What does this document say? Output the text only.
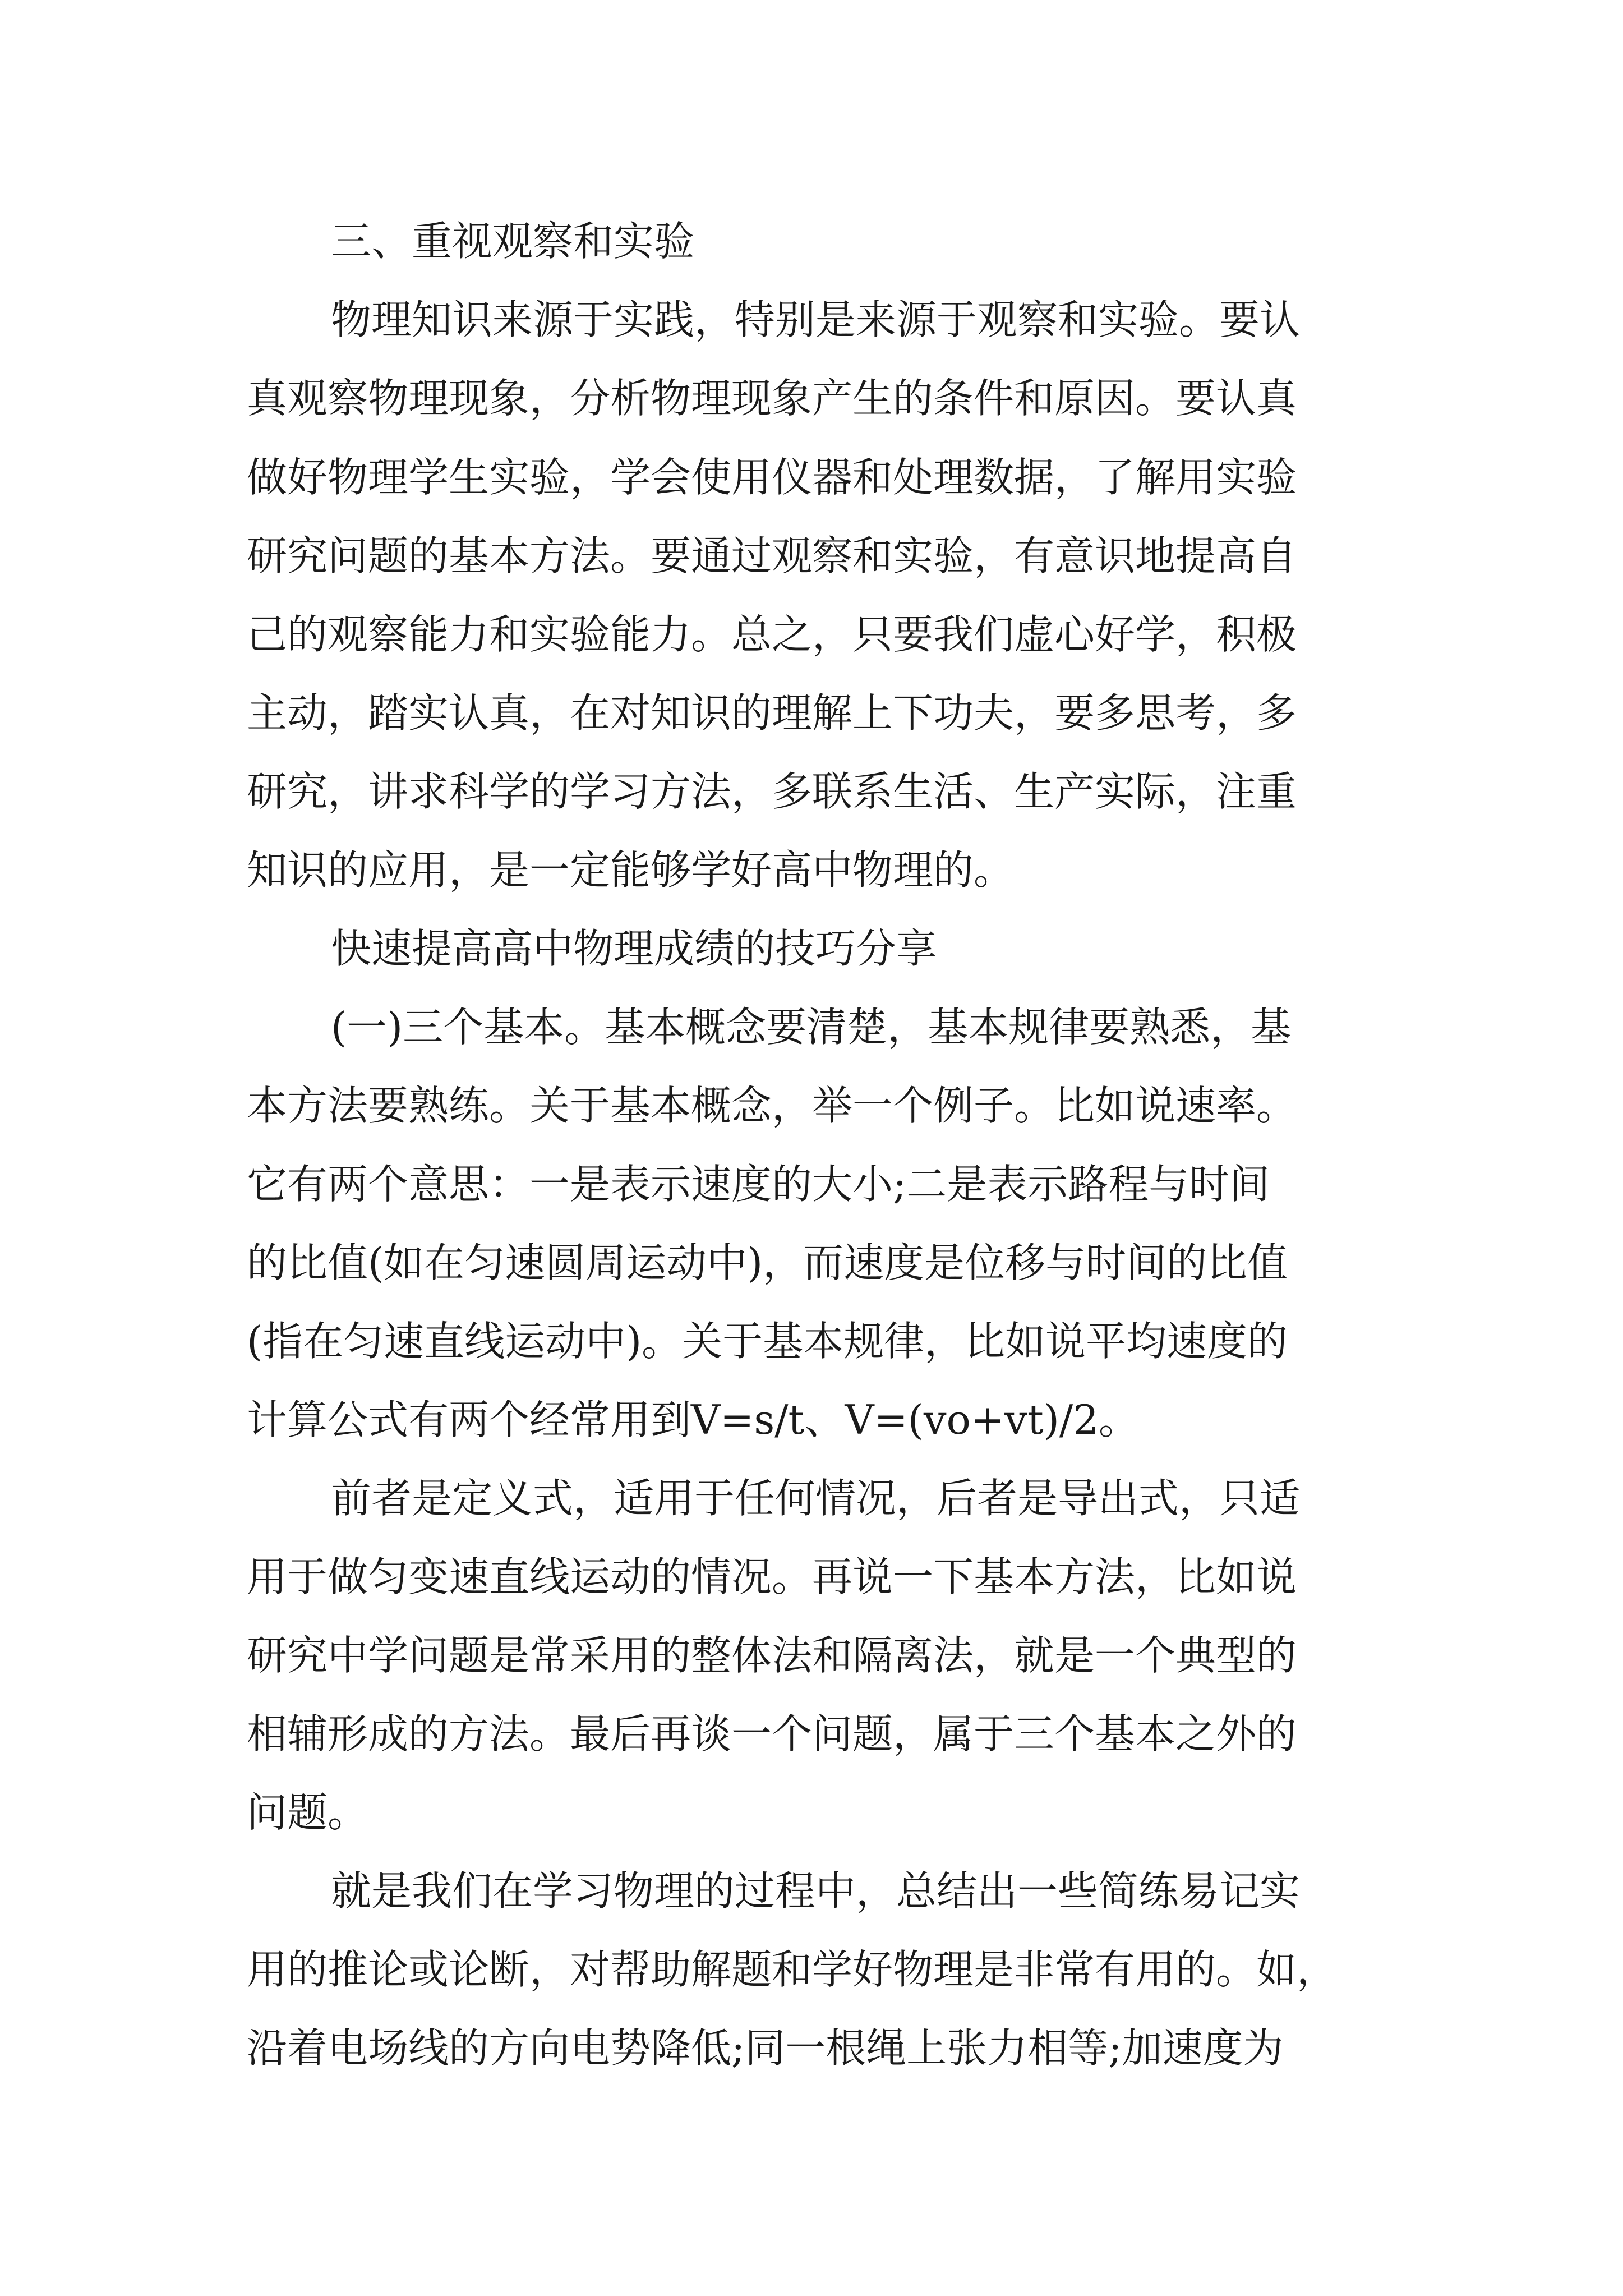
三、重视观察和实验

物理知识来源于实践，特别是来源于观察和实验。要认

真观察物理现象，分析物理现象产生的条件和原因。要认真

做好物理学生实验，学会使用仪器和处理数据，了解用实验

研究问题的基本方法。要通过观察和实验，有意识地提高自

己的观察能力和实验能力。总之，只要我们虚心好学，积极

主动，踏实认真，在对知识的理解上下功夫，要多思考，多

研究，讲求科学的学习方法，多联系生活、生产实际，注重

知识的应用，是一定能够学好高中物理的。

快速提高高中物理成绩的技巧分享

(一)三个基本。基本概念要清楚，基本规律要熟悉，基

本方法要熟练。关于基本概念，举一个例子。比如说速率。

它有两个意思：一是表示速度的大小;二是表示路程与时间

的比值(如在匀速圆周运动中)，而速度是位移与时间的比值

(指在匀速直线运动中)。关于基本规律，比如说平均速度的

计算公式有两个经常用到V=s/t、V=(vo+vt)/2。

前者是定义式，适用于任何情况，后者是导出式，只适

用于做匀变速直线运动的情况。再说一下基本方法，比如说

研究中学问题是常采用的整体法和隔离法，就是一个典型的

相辅形成的方法。最后再谈一个问题，属于三个基本之外的

问题。

就是我们在学习物理的过程中，总结出一些简练易记实

用的推论或论断，对帮助解题和学好物理是非常有用的。如，

沿着电场线的方向电势降低;同一根绳上张力相等;加速度为
